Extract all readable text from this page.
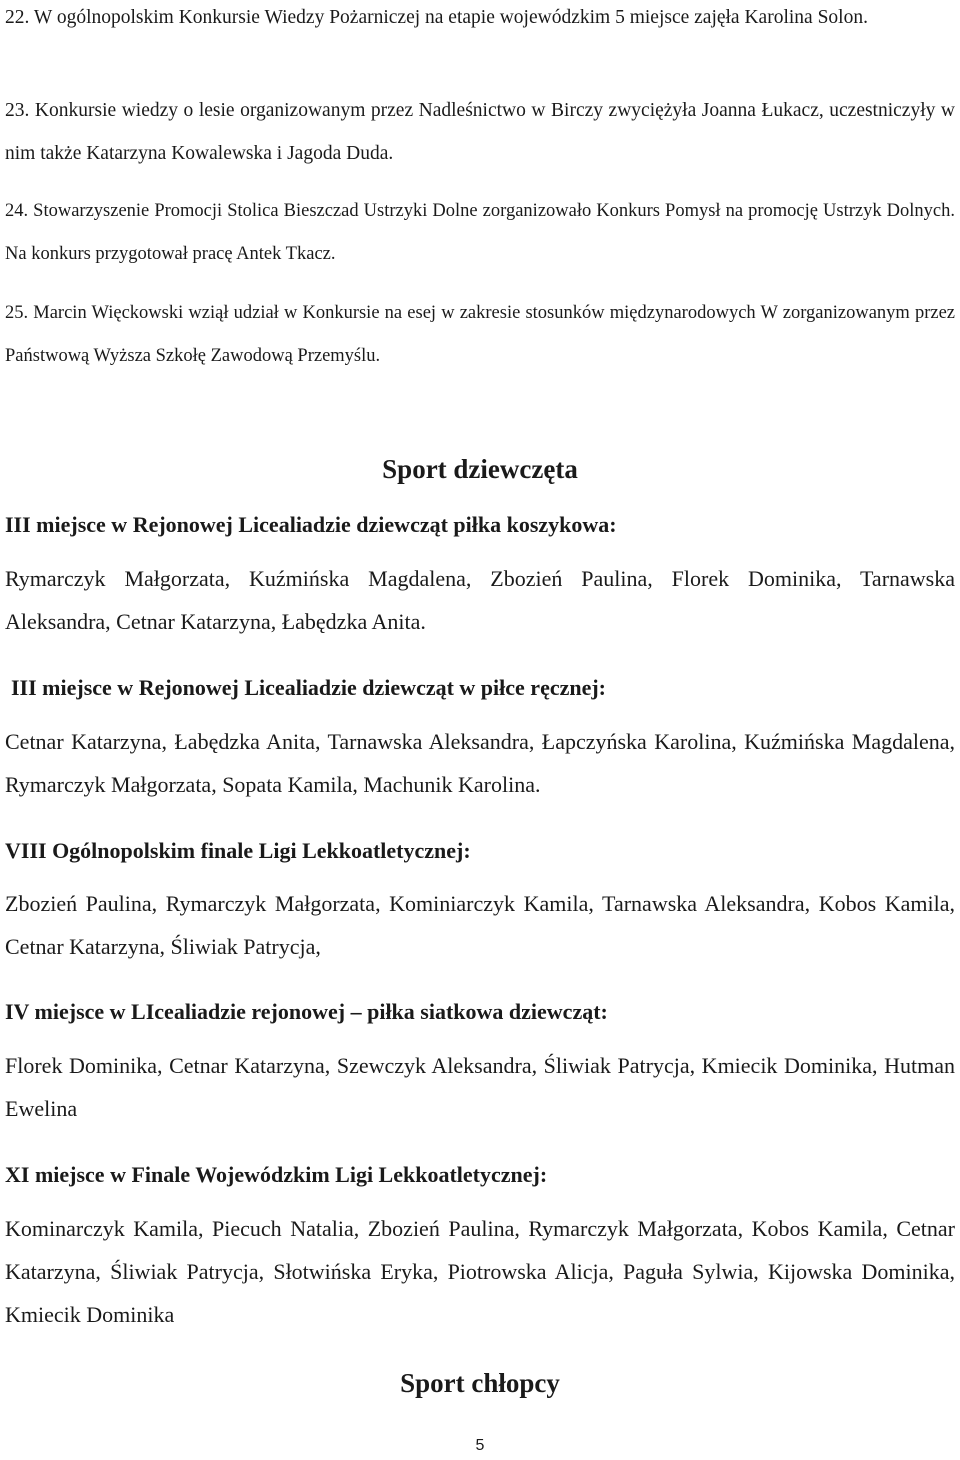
22. W ogólnopolskim Konkursie Wiedzy Pożarniczej na etapie wojewódzkim 5 miejsce zajęła Karolina Solon.

23. Konkursie wiedzy o lesie organizowanym przez Nadleśnictwo w Birczy zwyciężyła Joanna Łukacz, uczestniczyły w nim także Katarzyna Kowalewska i Jagoda Duda.

24. Stowarzyszenie Promocji Stolica Bieszczad Ustrzyki Dolne zorganizowało Konkurs Pomysł na promocję Ustrzyk Dolnych. Na konkurs przygotował pracę Antek Tkacz.

25. Marcin Więckowski wziął udział w Konkursie na esej w zakresie stosunków międzynarodowych W zorganizowanym przez Państwową Wyższa Szkołę Zawodową Przemyślu.

Sport dziewczęta
III miejsce w Rejonowej Licealiadzie dziewcząt piłka koszykowa:

Rymarczyk Małgorzata, Kuźmińska Magdalena, Zbozień Paulina, Florek Dominika, Tarnawska Aleksandra, Cetnar Katarzyna, Łabędzka Anita.

III miejsce w Rejonowej Licealiadzie dziewcząt w piłce ręcznej:

Cetnar Katarzyna, Łabędzka Anita, Tarnawska Aleksandra, Łapczyńska Karolina, Kuźmińska Magdalena, Rymarczyk Małgorzata, Sopata Kamila, Machunik Karolina.

VIII Ogólnopolskim finale Ligi Lekkoatletycznej:

Zbozień Paulina, Rymarczyk Małgorzata, Kominiarczyk Kamila, Tarnawska Aleksandra, Kobos Kamila, Cetnar Katarzyna, Śliwiak Patrycja,

IV miejsce w LIcealiadzie rejonowej – piłka siatkowa dziewcząt:

Florek Dominika, Cetnar Katarzyna, Szewczyk Aleksandra, Śliwiak Patrycja, Kmiecik Dominika, Hutman Ewelina

XI miejsce w Finale Wojewódzkim Ligi Lekkoatletycznej:

Kominarczyk Kamila, Piecuch Natalia, Zbozień Paulina, Rymarczyk Małgorzata, Kobos Kamila, Cetnar Katarzyna, Śliwiak Patrycja, Słotwińska Eryka, Piotrowska Alicja, Paguła Sylwia, Kijowska Dominika, Kmiecik Dominika

Sport chłopcy
5
